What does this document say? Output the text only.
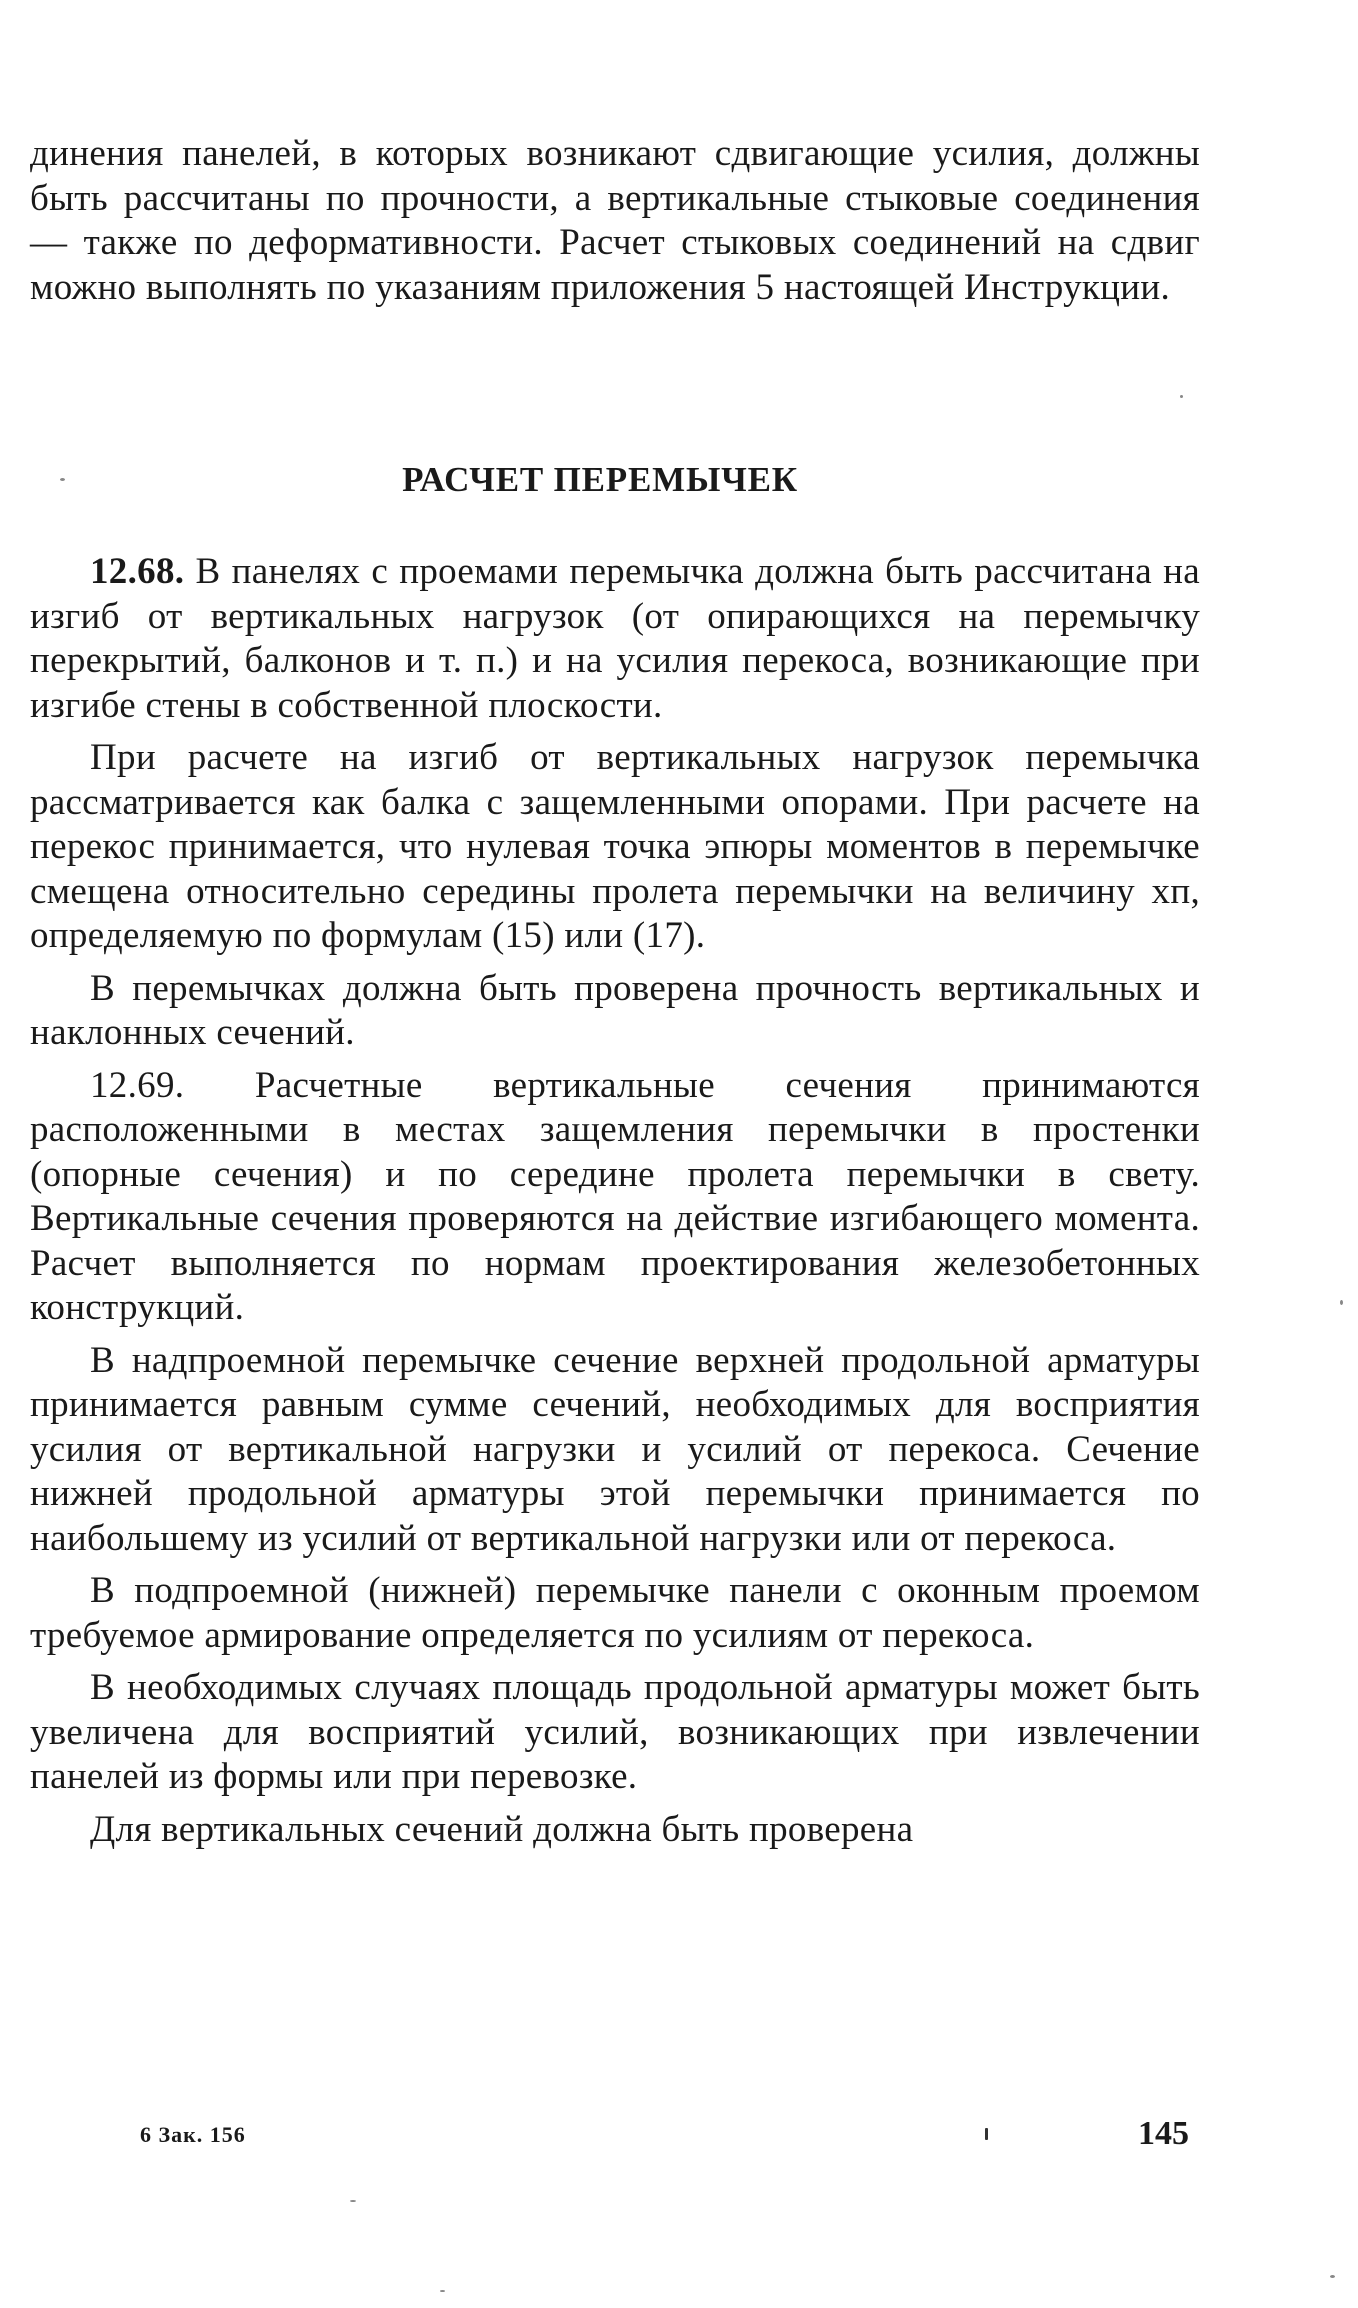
динения панелей, в которых возникают сдвигающие усилия, должны быть рассчитаны по прочности, а вертикальные стыковые соединения — также по деформативности. Расчет стыковых соединений на сдвиг можно выполнять по указаниям приложения 5 настоящей Инструкции.

РАСЧЕТ ПЕРЕМЫЧЕК

12.68. В панелях с проемами перемычка должна быть рассчитана на изгиб от вертикальных нагрузок (от опирающихся на перемычку перекрытий, балконов и т. п.) и на усилия перекоса, возникающие при изгибе стены в собственной плоскости.

При расчете на изгиб от вертикальных нагрузок перемычка рассматривается как балка с защемленными опорами. При расчете на перекос принимается, что нулевая точка эпюры моментов в перемычке смещена относительно середины пролета перемычки на величину xп, определяемую по формулам (15) или (17).

В перемычках должна быть проверена прочность вертикальных и наклонных сечений.

12.69. Расчетные вертикальные сечения принимаются расположенными в местах защемления перемычки в простенки (опорные сечения) и по середине пролета перемычки в свету. Вертикальные сечения проверяются на действие изгибающего момента. Расчет выполняется по нормам проектирования железобетонных конструкций.

В надпроемной перемычке сечение верхней продольной арматуры принимается равным сумме сечений, необходимых для восприятия усилия от вертикальной нагрузки и усилий от перекоса. Сечение нижней продольной арматуры этой перемычки принимается по наибольшему из усилий от вертикальной нагрузки или от перекоса.

В подпроемной (нижней) перемычке панели с оконным проемом требуемое армирование определяется по усилиям от перекоса.

В необходимых случаях площадь продольной арматуры может быть увеличена для восприятий усилий, возникающих при извлечении панелей из формы или при перевозке.

Для вертикальных сечений должна быть проверена

6 Зак. 156	145
